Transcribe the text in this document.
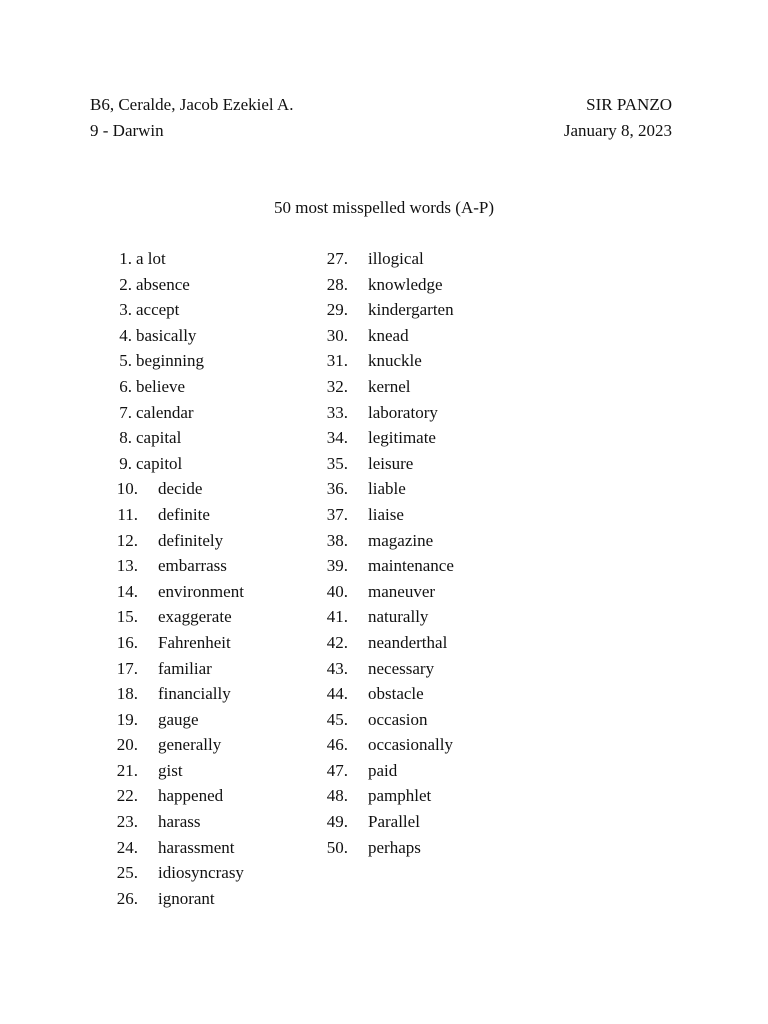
B6, Ceralde, Jacob Ezekiel A.
9 - Darwin
SIR PANZO
January 8, 2023
50 most misspelled words (A-P)
1. a lot
2. absence
3. accept
4. basically
5. beginning
6. believe
7. calendar
8. capital
9. capitol
10. decide
11. definite
12. definitely
13. embarrass
14. environment
15. exaggerate
16. Fahrenheit
17. familiar
18. financially
19. gauge
20. generally
21. gist
22. happened
23. harass
24. harassment
25. idiosyncrasy
26. ignorant
27. illogical
28. knowledge
29. kindergarten
30. knead
31. knuckle
32. kernel
33. laboratory
34. legitimate
35. leisure
36. liable
37. liaise
38. magazine
39. maintenance
40. maneuver
41. naturally
42. neanderthal
43. necessary
44. obstacle
45. occasion
46. occasionally
47. paid
48. pamphlet
49. Parallel
50. perhaps
